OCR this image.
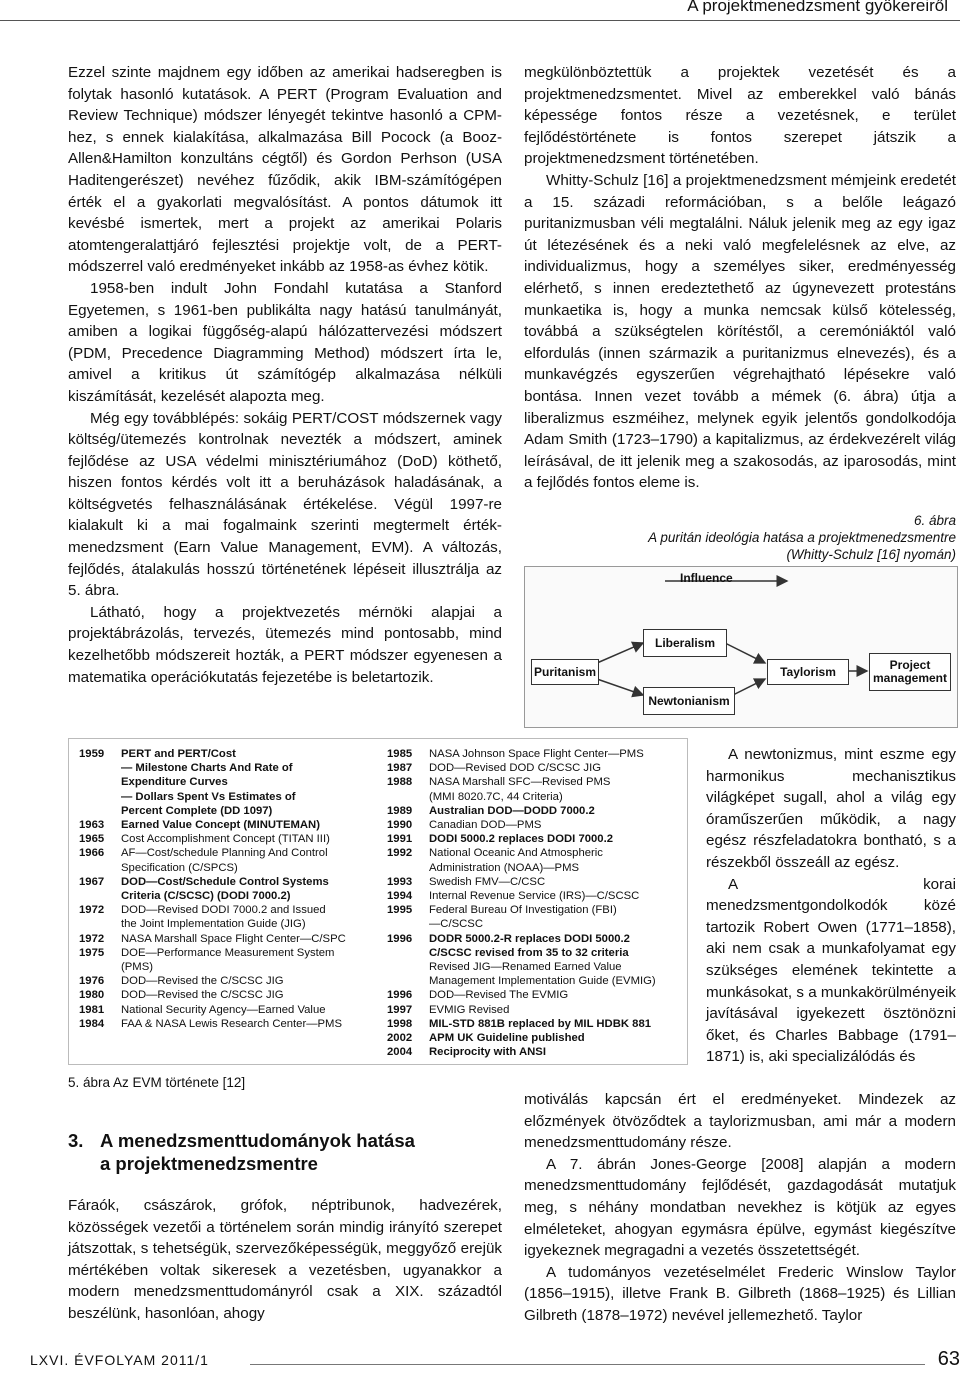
A projektmenedzsment gyökereiről

Ezzel szinte majdnem egy időben az amerikai hadseregben is folytak hasonló kutatások. A PERT (Program Evaluation and Review Technique) módszer lényegét tekintve hasonló a CPM-hez, s ennek kialakítása, alkalmazása Bill Pocock (a Booz-Allen&Hamilton konzultáns cégtől) és Gordon Perhson (USA Haditengerészet) nevéhez fűződik, akik IBM-számítógépen érték el a gyakorlati megvalósítást. A pontos dátumok itt kevésbé ismertek, mert a projekt az amerikai Polaris atomtengeralattjáró fejlesztési projektje volt, de a PERT-módszerrel való eredményeket inkább az 1958-as évhez kötik.

1958-ben indult John Fondahl kutatása a Stanford Egyetemen, s 1961-ben publikálta nagy hatású tanulmányát, amiben a logikai függőség-alapú hálózattervezési módszert (PDM, Precedence Diagramming Method) módszert írta le, amivel a kritikus út számítógép alkalmazása nélküli kiszámítását, kezelését alapozta meg.

Még egy továbblépés: sokáig PERT/COST módszernek vagy költség/ütemezés kontrolnak nevezték a módszert, aminek fejlődése az USA védelmi minisztériumához (DoD) köthető, hiszen fontos kérdés volt itt a beruházások haladásának, a költségvetés felhasználásának értékelése. Végül 1997-re kialakult ki a mai fogalmaink szerinti megtermelt érték-menedzsment (Earn Value Management, EVM). A változás, fejlődés, átalakulás hosszú történetének lépéseit illusztrálja az 5. ábra.

Látható, hogy a projektvezetés mérnöki alapjai a projektábrázolás, tervezés, ütemezés mind pontosabb, mind kezelhetőbb módszereit hozták, a PERT módszer egyenesen a matematika operációkutatás fejezetébe is beletartozik.

megkülönböztettük a projektek vezetését és a projektmenedzsmentet. Mivel az emberekkel való bánás képessége fontos része a vezetésnek, e terület fejlődéstörténete is fontos szerepet játszik a projektmenedzsment történetében.

Whitty-Schulz [16] a projektmenedzsment mémjeink eredetét a 15. századi reformációban, s a belőle leágazó puritanizmusban véli megtalálni. Náluk jelenik meg az egy igaz út létezésének és a neki való megfelelésnek az elve, az individualizmus, hogy a személyes siker, eredményesség elérhető, s innen eredeztethető az úgynevezett protestáns munkaetika is, hogy a munka nemcsak külső kötelesség, továbbá a szükségtelen körítéstől, a ceremóniáktól való elfordulás (innen származik a puritanizmus elnevezés), és a munkavégzés egyszerűen végrehajtható lépésekre való bontása. Innen vezet tovább a mémek (6. ábra) útja a liberalizmus eszméihez, melynek egyik jelentős gondolkodója Adam Smith (1723–1790) a kapitalizmus, az érdekvezérelt világ leírásával, de itt jelenik meg a szakosodás, az iparosodás, mint a fejlődés fontos eleme is.

6. ábra
A puritán ideológia hatása a projektmenedzsmentre
(Whitty-Schulz [16] nyomán)
Influence
Puritanism
Liberalism
Newtonianism
Taylorism	Project management
1959	PERT and PERT/Cost
— Milestone Charts And Rate of
Expenditure Curves
— Dollars Spent Vs Estimates of
Percent Complete (DD 1097)
1963	Earned Value Concept (MINUTEMAN)
1965	Cost Accomplishment Concept (TITAN III)
1966	AF—Cost/schedule Planning And Control
Specification (C/SPCS)
1967	DOD—Cost/Schedule Control Systems
Criteria (C/SCSC) (DODI 7000.2)
1972	DOD—Revised DODI 7000.2 and Issued
the Joint Implementation Guide (JIG)
1972	NASA Marshall Space Flight Center—C/SPC
1975	DOE—Performance Measurement System
(PMS)
1976	DOD—Revised the C/SCSC JIG
1980	DOD—Revised the C/SCSC JIG
1981	National Security Agency—Earned Value
1984	FAA & NASA Lewis Research Center—PMS
1985	NASA Johnson Space Flight Center—PMS
1987	DOD—Revised DOD C/SCSC JIG
1988	NASA Marshall SFC—Revised PMS
(MMI 8020.7C, 44 Criteria)
1989	Australian DOD—DODD 7000.2
1990	Canadian DOD—PMS
1991	DODI 5000.2 replaces DODI 7000.2
1992	National Oceanic And Atmospheric
Administration (NOAA)—PMS
1993	Swedish FMV—C/CSC
1994	Internal Revenue Service (IRS)—C/SCSC
1995	Federal Bureau Of Investigation (FBI)
—C/SCSC
1996	DODR 5000.2-R replaces DODI 5000.2
C/SCSC revised from 35 to 32 criteria
Revised JIG—Renamed Earned Value
Management Implementation Guide (EVMIG)
1996	DOD—Revised The EVMIG
1997	EVMIG Revised
1998	MIL-STD 881B replaced by MIL HDBK 881
2002	APM UK Guideline published
2004	Reciprocity with ANSI
5. ábra Az EVM története [12]

A newtonizmus, mint eszme egy harmonikus mechanisztikus világképet sugall, ahol a világ egy óraműszerűen működik, a nagy egész részfeladatokra bontható, s a részekből összeáll az egész.

A korai menedzsmentgondolkodók közé tartozik Robert Owen (1771–1858), aki nem csak a munkafolyamat egy szükséges elemének tekintette a munkásokat, s a munkakörülményeik javításával igyekezett ösztönözni őket, és Charles Babbage (1791–1871) is, aki specializálódás és

motiválás kapcsán ért el eredményeket. Mindezek az előzmények ötvöződtek a taylorizmusban, ami már a modern menedzsmenttudomány része.

A 7. ábrán Jones-George [2008] alapján a modern menedzsmenttudomány fejlődését, gazdagodását mutatjuk meg, s néhány mondatban nevekhez is kötjük az egyes elméleteket, ahogyan egymásra épülve, egymást kiegészítve igyekeznek megragadni a vezetés összetettségét.

A tudományos vezetéselmélet Frederic Winslow Taylor (1856–1915), illetve Frank B. Gilbreth (1868–1925) és Lillian Gilbreth (1878–1972) nevével jellemezhető. Taylor

3. A menedzsmenttudományok hatása
a projektmenedzsmentre

Fáraók, császárok, grófok, néptribunok, hadvezérek, közösségek vezetői a történelem során mindig irányító szerepet játszottak, s tehetségük, szervezőképességük, meggyőző erejük mértékében voltak sikeresek a vezetésben, ugyanakkor a modern menedzsmenttudományról csak a XIX. századtól beszélünk, hasonlóan, ahogy

LXVI. ÉVFOLYAM 2011/1	63
